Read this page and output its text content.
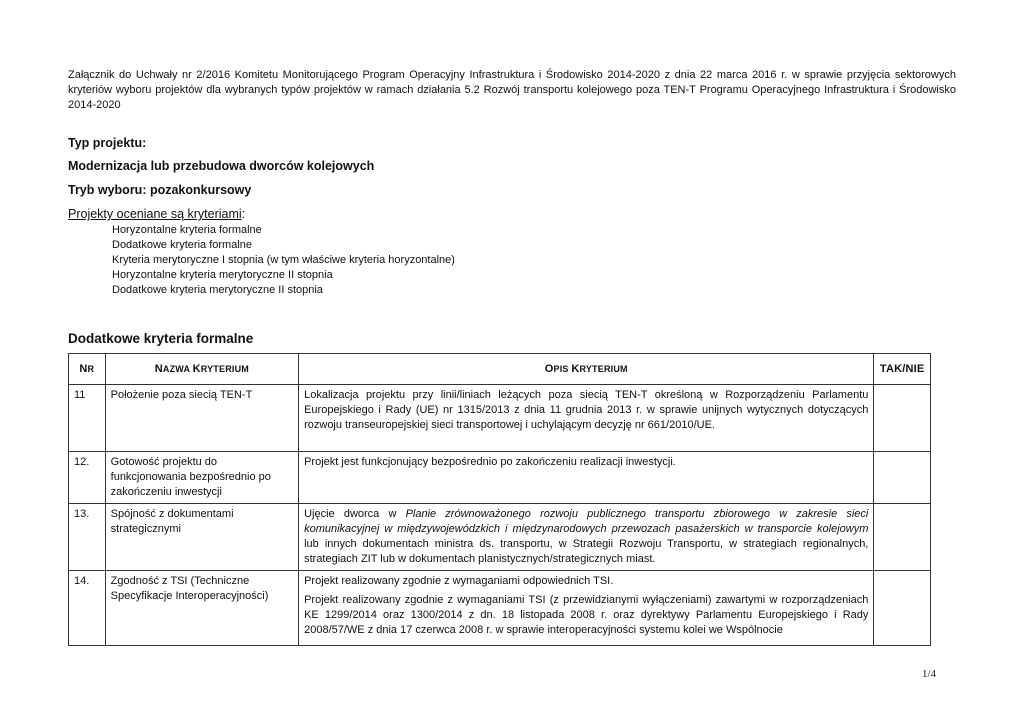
Załącznik do Uchwały nr 2/2016 Komitetu Monitorującego Program Operacyjny Infrastruktura i Środowisko 2014-2020 z dnia 22 marca 2016 r. w sprawie przyjęcia sektorowych kryteriów wyboru projektów dla wybranych typów projektów w ramach działania 5.2 Rozwój transportu kolejowego poza TEN-T Programu Operacyjnego Infrastruktura i Środowisko 2014-2020
Typ projektu:
Modernizacja lub przebudowa dworców kolejowych
Tryb wyboru: pozakonkursowy
Projekty oceniane są kryteriami:
Horyzontalne kryteria formalne
Dodatkowe kryteria formalne
Kryteria merytoryczne I stopnia (w tym właściwe kryteria horyzontalne)
Horyzontalne kryteria merytoryczne II stopnia
Dodatkowe kryteria merytoryczne II stopnia
Dodatkowe kryteria formalne
NR	NAZWA KRYTERIUM	OPIS KRYTERIUM	TAK/NIE
11	Położenie poza siecią TEN-T	Lokalizacja projektu przy linii/liniach leżących poza siecią TEN-T określoną w Rozporządzeniu Parlamentu Europejskiego i Rady (UE) nr 1315/2013 z dnia 11 grudnia 2013 r. w sprawie unijnych wytycznych dotyczących rozwoju transeuropejskiej sieci transportowej i uchylającym decyzję nr 661/2010/UE.	
12.	Gotowość projektu do funkcjonowania bezpośrednio po zakończeniu inwestycji	Projekt jest funkcjonujący bezpośrednio po zakończeniu realizacji inwestycji.	
13.	Spójność z dokumentami strategicznymi	Ujęcie dworca w Planie zrównoważonego rozwoju publicznego transportu zbiorowego w zakresie sieci komunikacyjnej w międzywojewódzkich i międzynarodowych przewozach pasażerskich w transporcie kolejowym lub innych dokumentach ministra ds. transportu, w Strategii Rozwoju Transportu, w strategiach regionalnych, strategiach ZIT lub w dokumentach planistycznych/strategicznych miast.	
14.	Zgodność z TSI (Techniczne Specyfikacje Interoperacyjności)	Projekt realizowany zgodnie z wymaganiami odpowiednich TSI.

Projekt realizowany zgodnie z wymaganiami TSI (z przewidzianymi wyłączeniami) zawartymi w rozporządzeniach KE 1299/2014 oraz 1300/2014 z dn. 18 listopada 2008 r. oraz dyrektywy Parlamentu Europejskiego i Rady 2008/57/WE z dnia 17 czerwca 2008 r. w sprawie interoperacyjności systemu kolei we Wspólnocie	

1/4
